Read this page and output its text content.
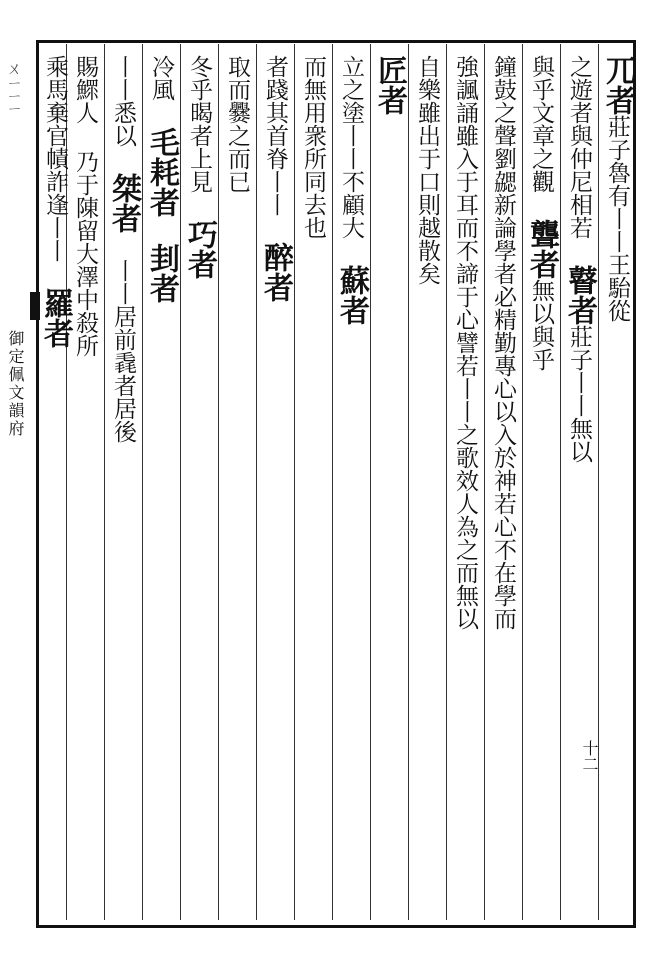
ㄨㄧㄧㄧ
御定佩文韻府
兀者莊子魯有丨丨王駘從
之遊者與仲尼相若 瞽者莊子丨丨無以
與乎文章之觀 聾者無以與乎
鐘鼓之聲劉勰新論學者必精勤專心以入於神若心不在學而
強諷誦雖入于耳而不諦于心譬若丨丨之歌效人為之而無以
自樂雖出于口則越散矣
匠者
立之塗丨丨不顧大 蘇者
而無用衆所同去也
者踐其首脊丨丨 醉者
取而爨之而已
冬乎暍者上見 巧者
冷風 毛耗者 刲者
丨丨悉以 桀者 丨丨居前毳者居後
賜鰥人 乃于陳留大澤中殺所
乘馬棄官幘詐逢丨丨 羅者
十二
